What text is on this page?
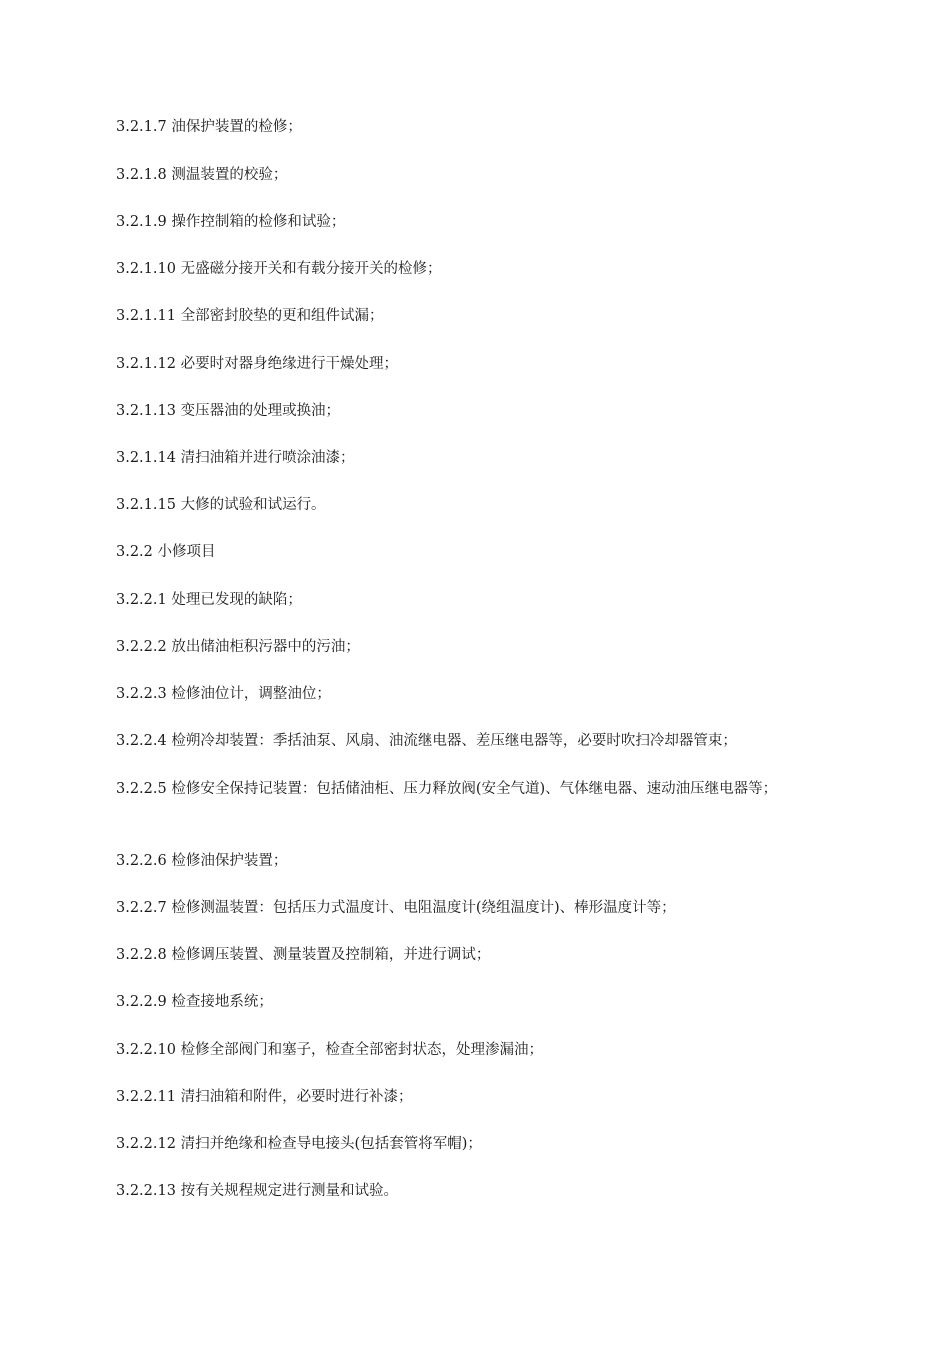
3.2.1.7 油保护装置的检修；
3.2.1.8 测温装置的校验；
3.2.1.9 操作控制箱的检修和试验；
3.2.1.10 无盛磁分接开关和有载分接开关的检修；
3.2.1.11 全部密封胶垫的更和组件试漏；
3.2.1.12 必要时对器身绝缘进行干燥处理；
3.2.1.13 变压器油的处理或换油；
3.2.1.14 清扫油箱并进行喷涂油漆；
3.2.1.15 大修的试验和试运行。
3.2.2 小修项目
3.2.2.1 处理已发现的缺陷；
3.2.2.2 放出储油柜积污器中的污油；
3.2.2.3 检修油位计，调整油位；
3.2.2.4 检朔冷却装置：季括油泵、风扇、油流继电器、差压继电器等，必要时吹扫冷却器管束；
3.2.2.5 检修安全保持记装置：包括储油柜、压力释放阀(安全气道)、气体继电器、速动油压继电器等；
3.2.2.6 检修油保护装置；
3.2.2.7 检修测温装置：包括压力式温度计、电阻温度计(绕组温度计)、棒形温度计等；
3.2.2.8 检修调压装置、测量装置及控制箱，并进行调试；
3.2.2.9 检查接地系统；
3.2.2.10 检修全部阀门和塞子，检查全部密封状态，处理渗漏油；
3.2.2.11 清扫油箱和附件，必要时进行补漆；
3.2.2.12 清扫并绝缘和检查导电接头(包括套管将军帽)；
3.2.2.13 按有关规程规定进行测量和试验。
